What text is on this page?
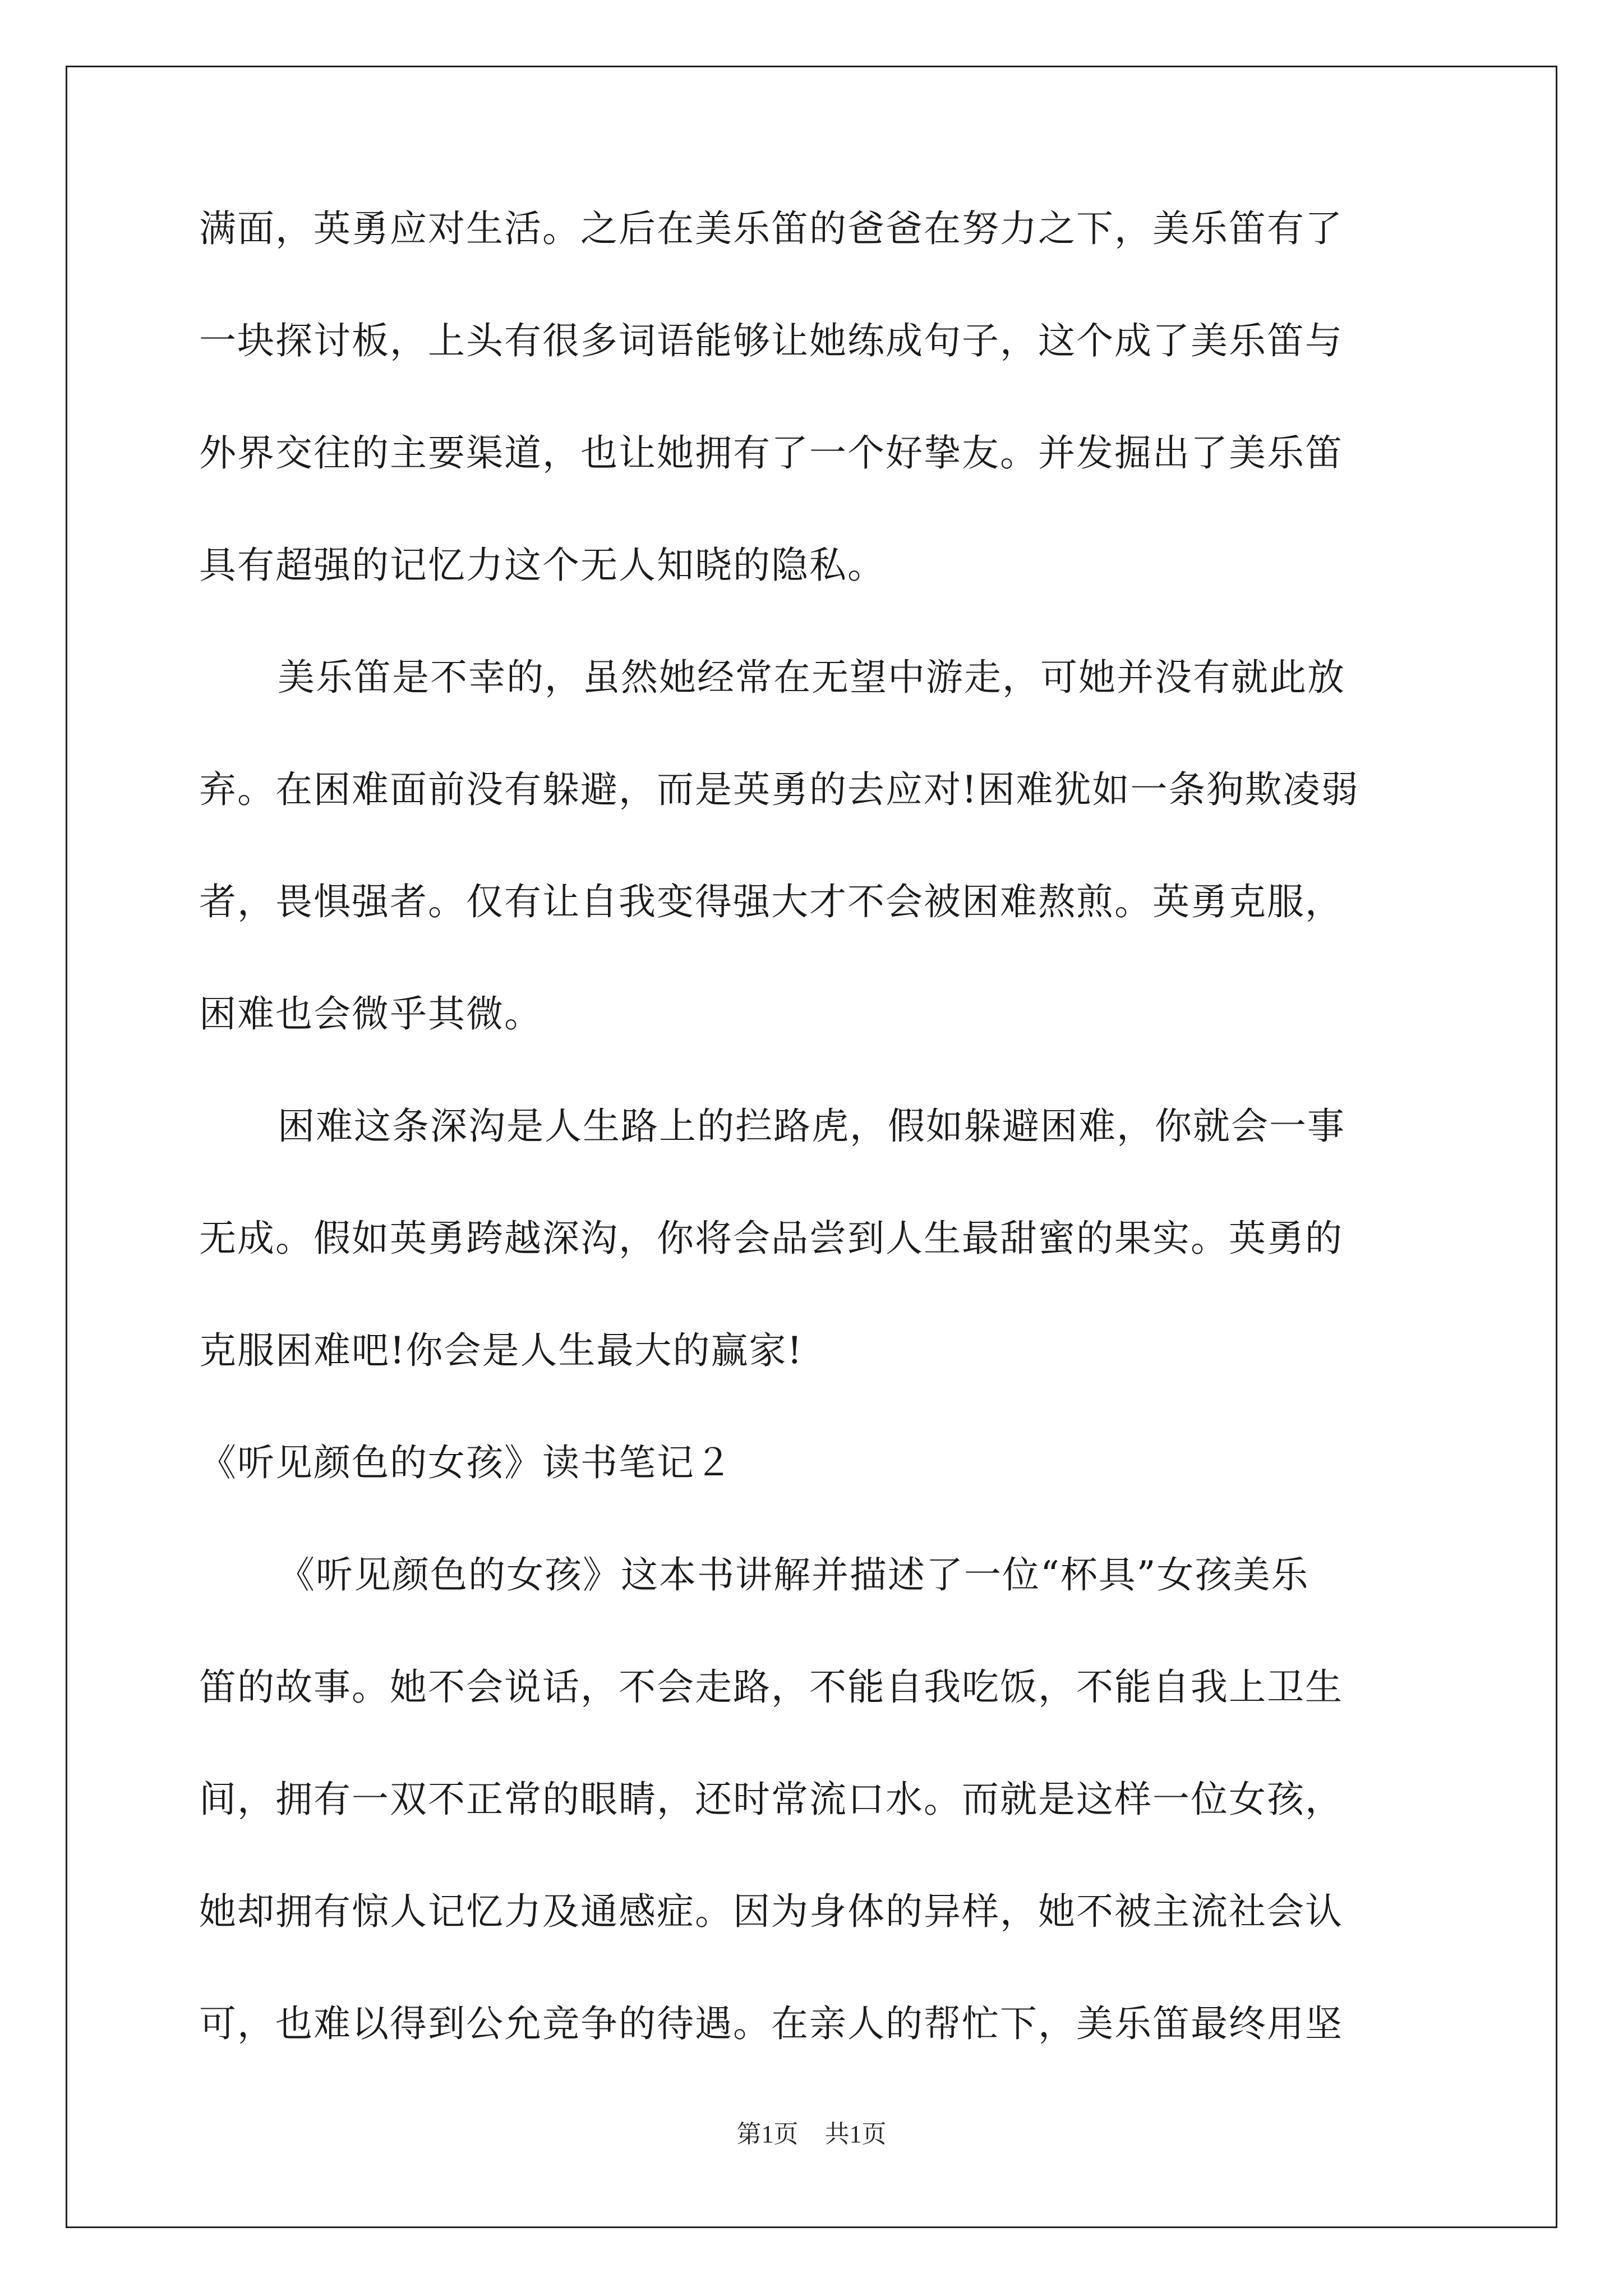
满面，英勇应对生活。之后在美乐笛的爸爸在努力之下，美乐笛有了
一块探讨板，上头有很多词语能够让她练成句子，这个成了美乐笛与
外界交往的主要渠道，也让她拥有了一个好挚友。并发掘出了美乐笛
具有超强的记忆力这个无人知晓的隐私。
美乐笛是不幸的，虽然她经常在无望中游走，可她并没有就此放
弃。在困难面前没有躲避，而是英勇的去应对!困难犹如一条狗欺凌弱
者，畏惧强者。仅有让自我变得强大才不会被困难熬煎。英勇克服，
困难也会微乎其微。
困难这条深沟是人生路上的拦路虎，假如躲避困难，你就会一事
无成。假如英勇跨越深沟，你将会品尝到人生最甜蜜的果实。英勇的
克服困难吧!你会是人生最大的赢家!
《听见颜色的女孩》读书笔记２
《听见颜色的女孩》这本书讲解并描述了一位“杯具”女孩美乐
笛的故事。她不会说话，不会走路，不能自我吃饭，不能自我上卫生
间，拥有一双不正常的眼睛，还时常流口水。而就是这样一位女孩，
她却拥有惊人记忆力及通感症。因为身体的异样，她不被主流社会认
可，也难以得到公允竞争的待遇。在亲人的帮忙下，美乐笛最终用坚
第1页 共1页
